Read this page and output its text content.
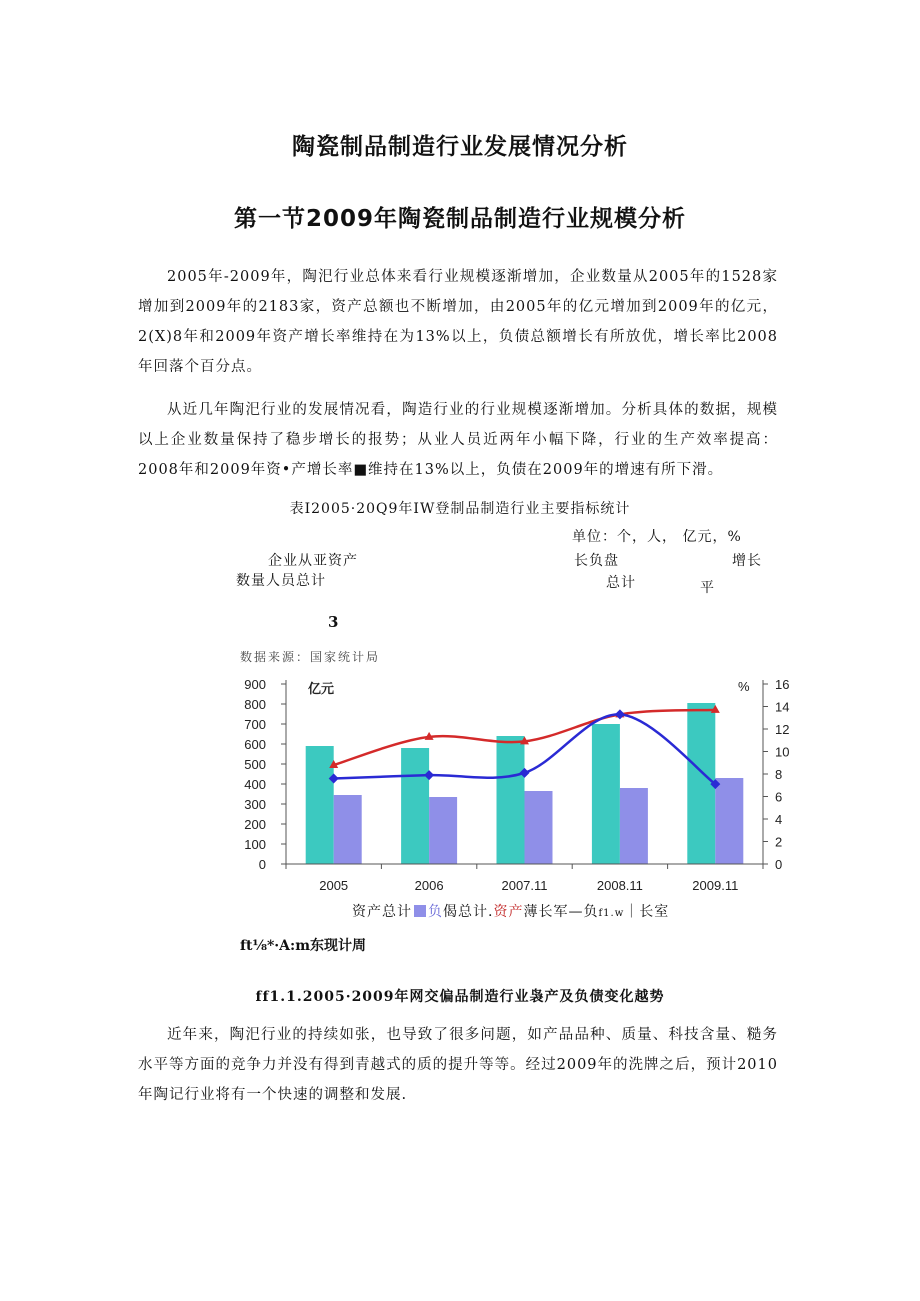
陶瓷制品制造行业发展情况分析
第一节2009年陶瓷制品制造行业规模分析

2005年-2009年，陶汜行业总体来看行业规模逐渐增加，企业数量从2005年的1528家增加到2009年的2183家，资产总额也不断增加，由2005年的亿元增加到2009年的亿元，2(X)8年和2009年资产增长率维持在为13%以上，负债总额增长有所放优，增长率比2008年回落个百分点。

从近几年陶汜行业的发展情况看，陶造行业的行业规模逐渐增加。分析具体的数据，规模以上企业数量保持了稳步增长的报势；从业人员近两年小幅下降，行业的生产效率提高：2008年和2009年资•产增长率■维持在13%以上，负债在2009年的增速有所下滑。

表I2005·20Q9年IW登制品制造行业主要指标统计
单位：个，人， 亿元，%
企业从亚资产
数量人员总计
长负盘
总计
增长
平
3
数据来源：国家统计局
0
100
200
300
400
500
600
700
800
900
0
2
4
6
8
10
12
14
16
2005	2006	2007.11	2008.11	2009.11
亿元	%
资产总计 负偈总计.资产薄长军—负f1.w｜长室
ft⅛*·A:m东现计周
ff1.1.2005·2009年网交偏品制造行业袅产及负债变化越势

近年来，陶汜行业的持续如张，也导致了很多问题，如产品品种、质量、科技含量、糙务水平等方面的竞争力并没有得到青越式的质的提升等等。经过2009年的洗牌之后，预计2010年陶记行业将有一个快速的调整和发展.
